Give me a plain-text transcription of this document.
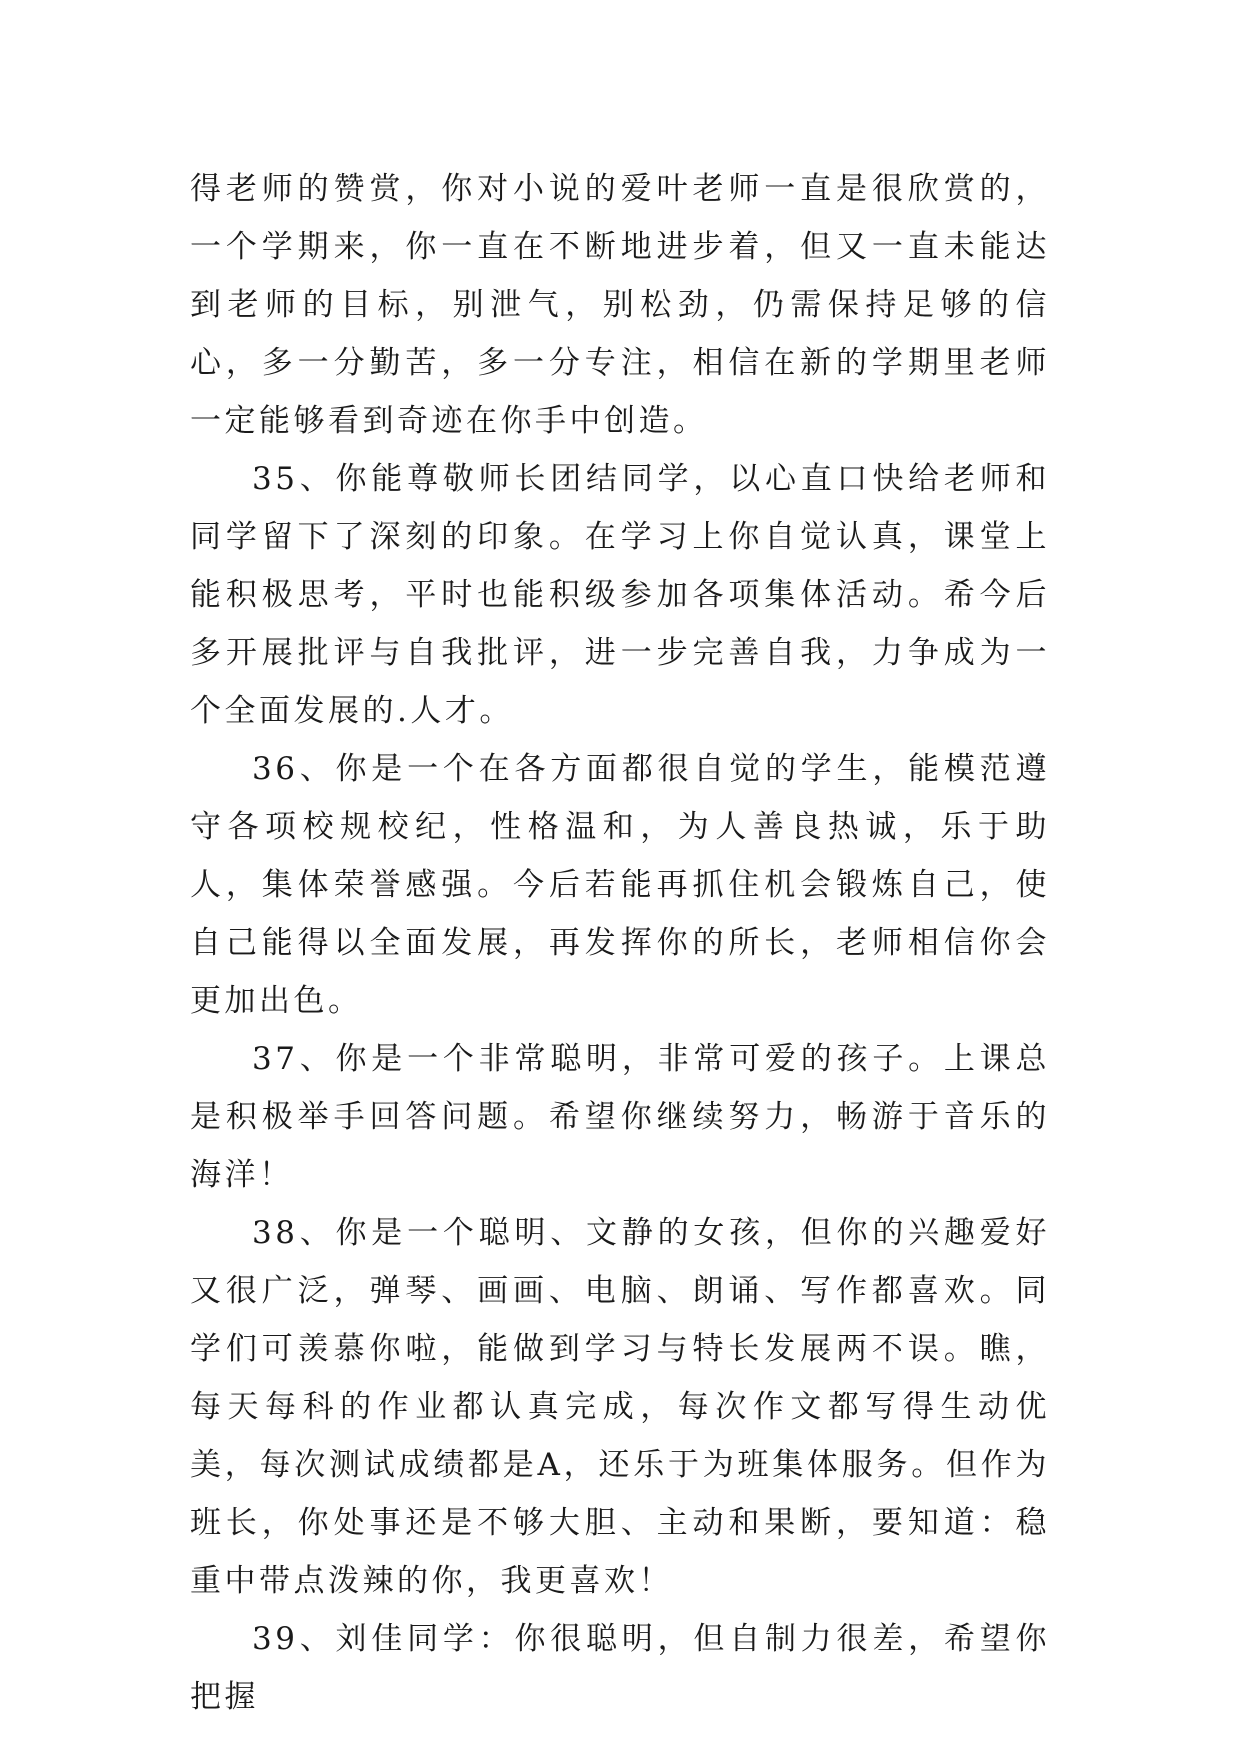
得老师的赞赏，你对小说的爱叶老师一直是很欣赏的，一个学期来，你一直在不断地进步着，但又一直未能达到老师的目标，别泄气，别松劲，仍需保持足够的信心，多一分勤苦，多一分专注，相信在新的学期里老师一定能够看到奇迹在你手中创造。

35、你能尊敬师长团结同学，以心直口快给老师和同学留下了深刻的印象。在学习上你自觉认真，课堂上能积极思考，平时也能积级参加各项集体活动。希今后多开展批评与自我批评，进一步完善自我，力争成为一个全面发展的.人才。

36、你是一个在各方面都很自觉的学生，能模范遵守各项校规校纪，性格温和，为人善良热诚，乐于助人，集体荣誉感强。今后若能再抓住机会锻炼自己，使自己能得以全面发展，再发挥你的所长，老师相信你会更加出色。

37、你是一个非常聪明，非常可爱的孩子。上课总是积极举手回答问题。希望你继续努力，畅游于音乐的海洋！

38、你是一个聪明、文静的女孩，但你的兴趣爱好又很广泛，弹琴、画画、电脑、朗诵、写作都喜欢。同学们可羡慕你啦，能做到学习与特长发展两不误。瞧，每天每科的作业都认真完成，每次作文都写得生动优美，每次测试成绩都是A，还乐于为班集体服务。但作为班长，你处事还是不够大胆、主动和果断，要知道：稳重中带点泼辣的你，我更喜欢！

39、刘佳同学：你很聪明，但自制力很差，希望你把握
